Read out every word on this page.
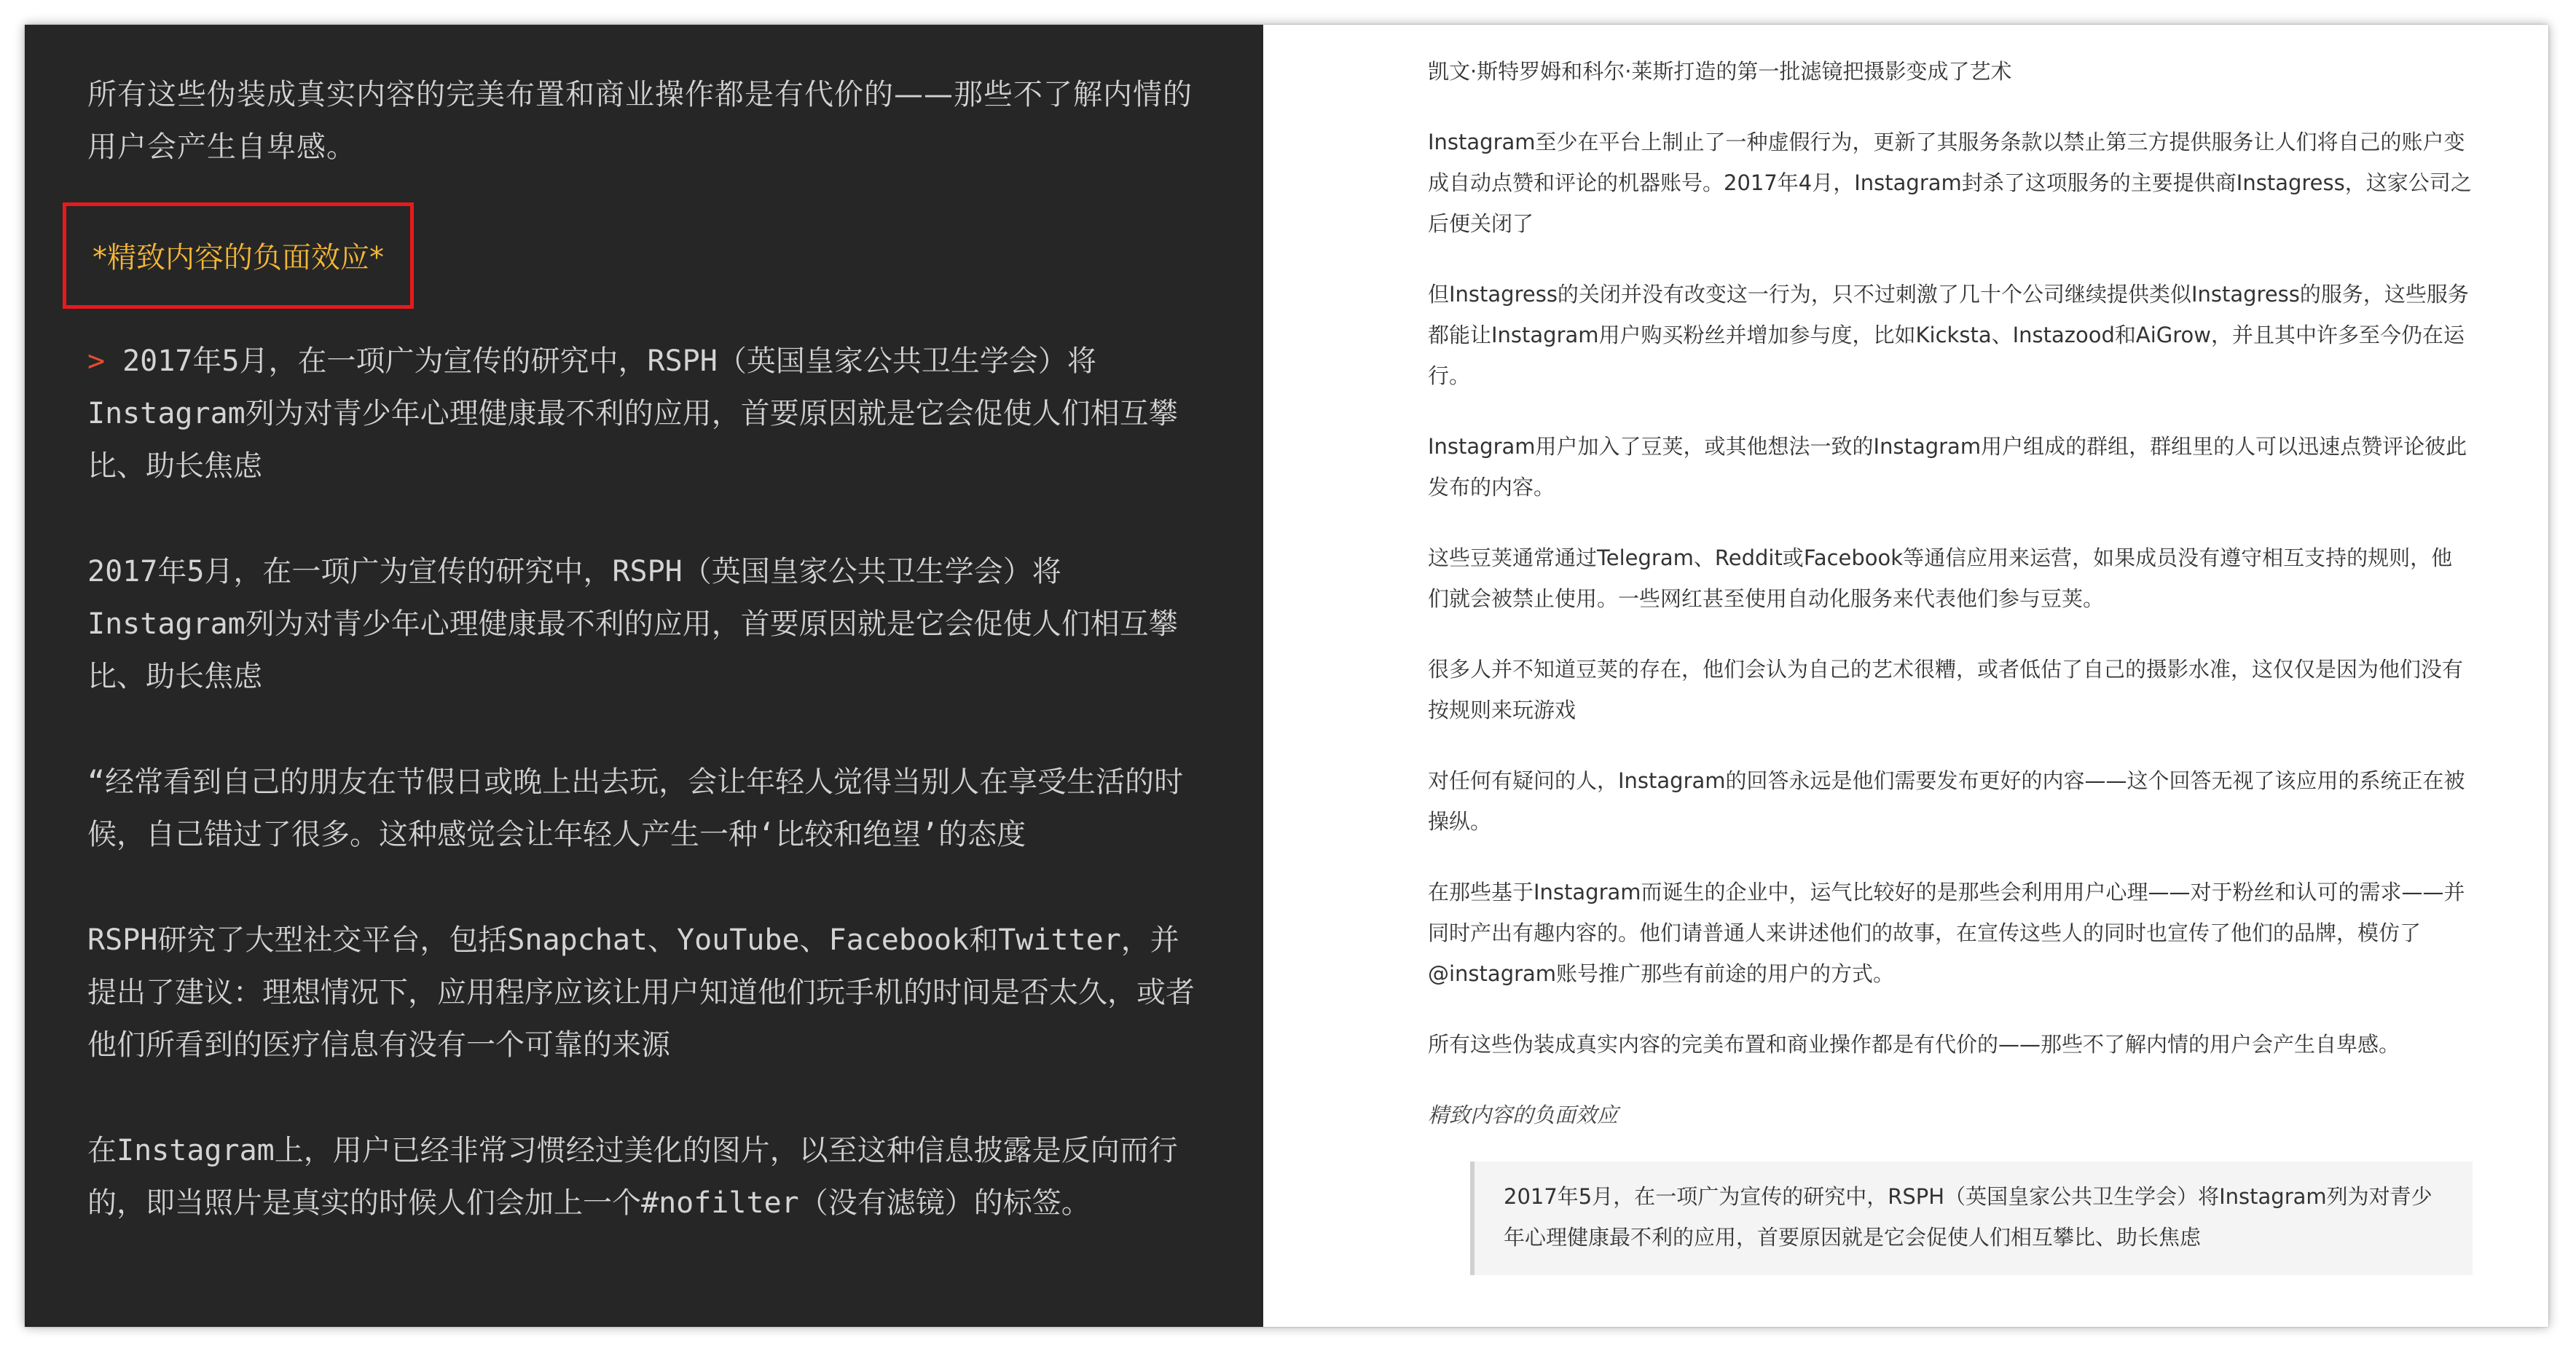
所有这些伪装成真实内容的完美布置和商业操作都是有代价的——那些不了解内情的用户会产生自卑感。

*精致内容的负面效应*

> 2017年5月，在一项广为宣传的研究中，RSPH（英国皇家公共卫生学会）将Instagram列为对青少年心理健康最不利的应用，首要原因就是它会促使人们相互攀比、助长焦虑

2017年5月，在一项广为宣传的研究中，RSPH（英国皇家公共卫生学会）将Instagram列为对青少年心理健康最不利的应用，首要原因就是它会促使人们相互攀比、助长焦虑

“经常看到自己的朋友在节假日或晚上出去玩，会让年轻人觉得当别人在享受生活的时候，自己错过了很多。这种感觉会让年轻人产生一种‘比较和绝望’的态度

RSPH研究了大型社交平台，包括Snapchat、YouTube、Facebook和Twitter，并提出了建议：理想情况下，应用程序应该让用户知道他们玩手机的时间是否太久，或者他们所看到的医疗信息有没有一个可靠的来源

在Instagram上，用户已经非常习惯经过美化的图片，以至这种信息披露是反向而行的，即当照片是真实的时候人们会加上一个#nofilter（没有滤镜）的标签。

凯文·斯特罗姆和科尔·莱斯打造的第一批滤镜把摄影变成了艺术

Instagram至少在平台上制止了一种虚假行为，更新了其服务条款以禁止第三方提供服务让人们将自己的账户变成自动点赞和评论的机器账号。2017年4月，Instagram封杀了这项服务的主要提供商Instagress，这家公司之后便关闭了

但Instagress的关闭并没有改变这一行为，只不过刺激了几十个公司继续提供类似Instagress的服务，这些服务都能让Instagram用户购买粉丝并增加参与度，比如Kicksta、Instazood和AiGrow，并且其中许多至今仍在运行。

Instagram用户加入了豆荚，或其他想法一致的Instagram用户组成的群组，群组里的人可以迅速点赞评论彼此发布的内容。

这些豆荚通常通过Telegram、Reddit或Facebook等通信应用来运营，如果成员没有遵守相互支持的规则，他们就会被禁止使用。一些网红甚至使用自动化服务来代表他们参与豆荚。

很多人并不知道豆荚的存在，他们会认为自己的艺术很糟，或者低估了自己的摄影水准，这仅仅是因为他们没有按规则来玩游戏

对任何有疑问的人，Instagram的回答永远是他们需要发布更好的内容——这个回答无视了该应用的系统正在被操纵。

在那些基于Instagram而诞生的企业中，运气比较好的是那些会利用用户心理——对于粉丝和认可的需求——并同时产出有趣内容的。他们请普通人来讲述他们的故事，在宣传这些人的同时也宣传了他们的品牌，模仿了@instagram账号推广那些有前途的用户的方式。

所有这些伪装成真实内容的完美布置和商业操作都是有代价的——那些不了解内情的用户会产生自卑感。

精致内容的负面效应

2017年5月，在一项广为宣传的研究中，RSPH（英国皇家公共卫生学会）将Instagram列为对青少年心理健康最不利的应用，首要原因就是它会促使人们相互攀比、助长焦虑
